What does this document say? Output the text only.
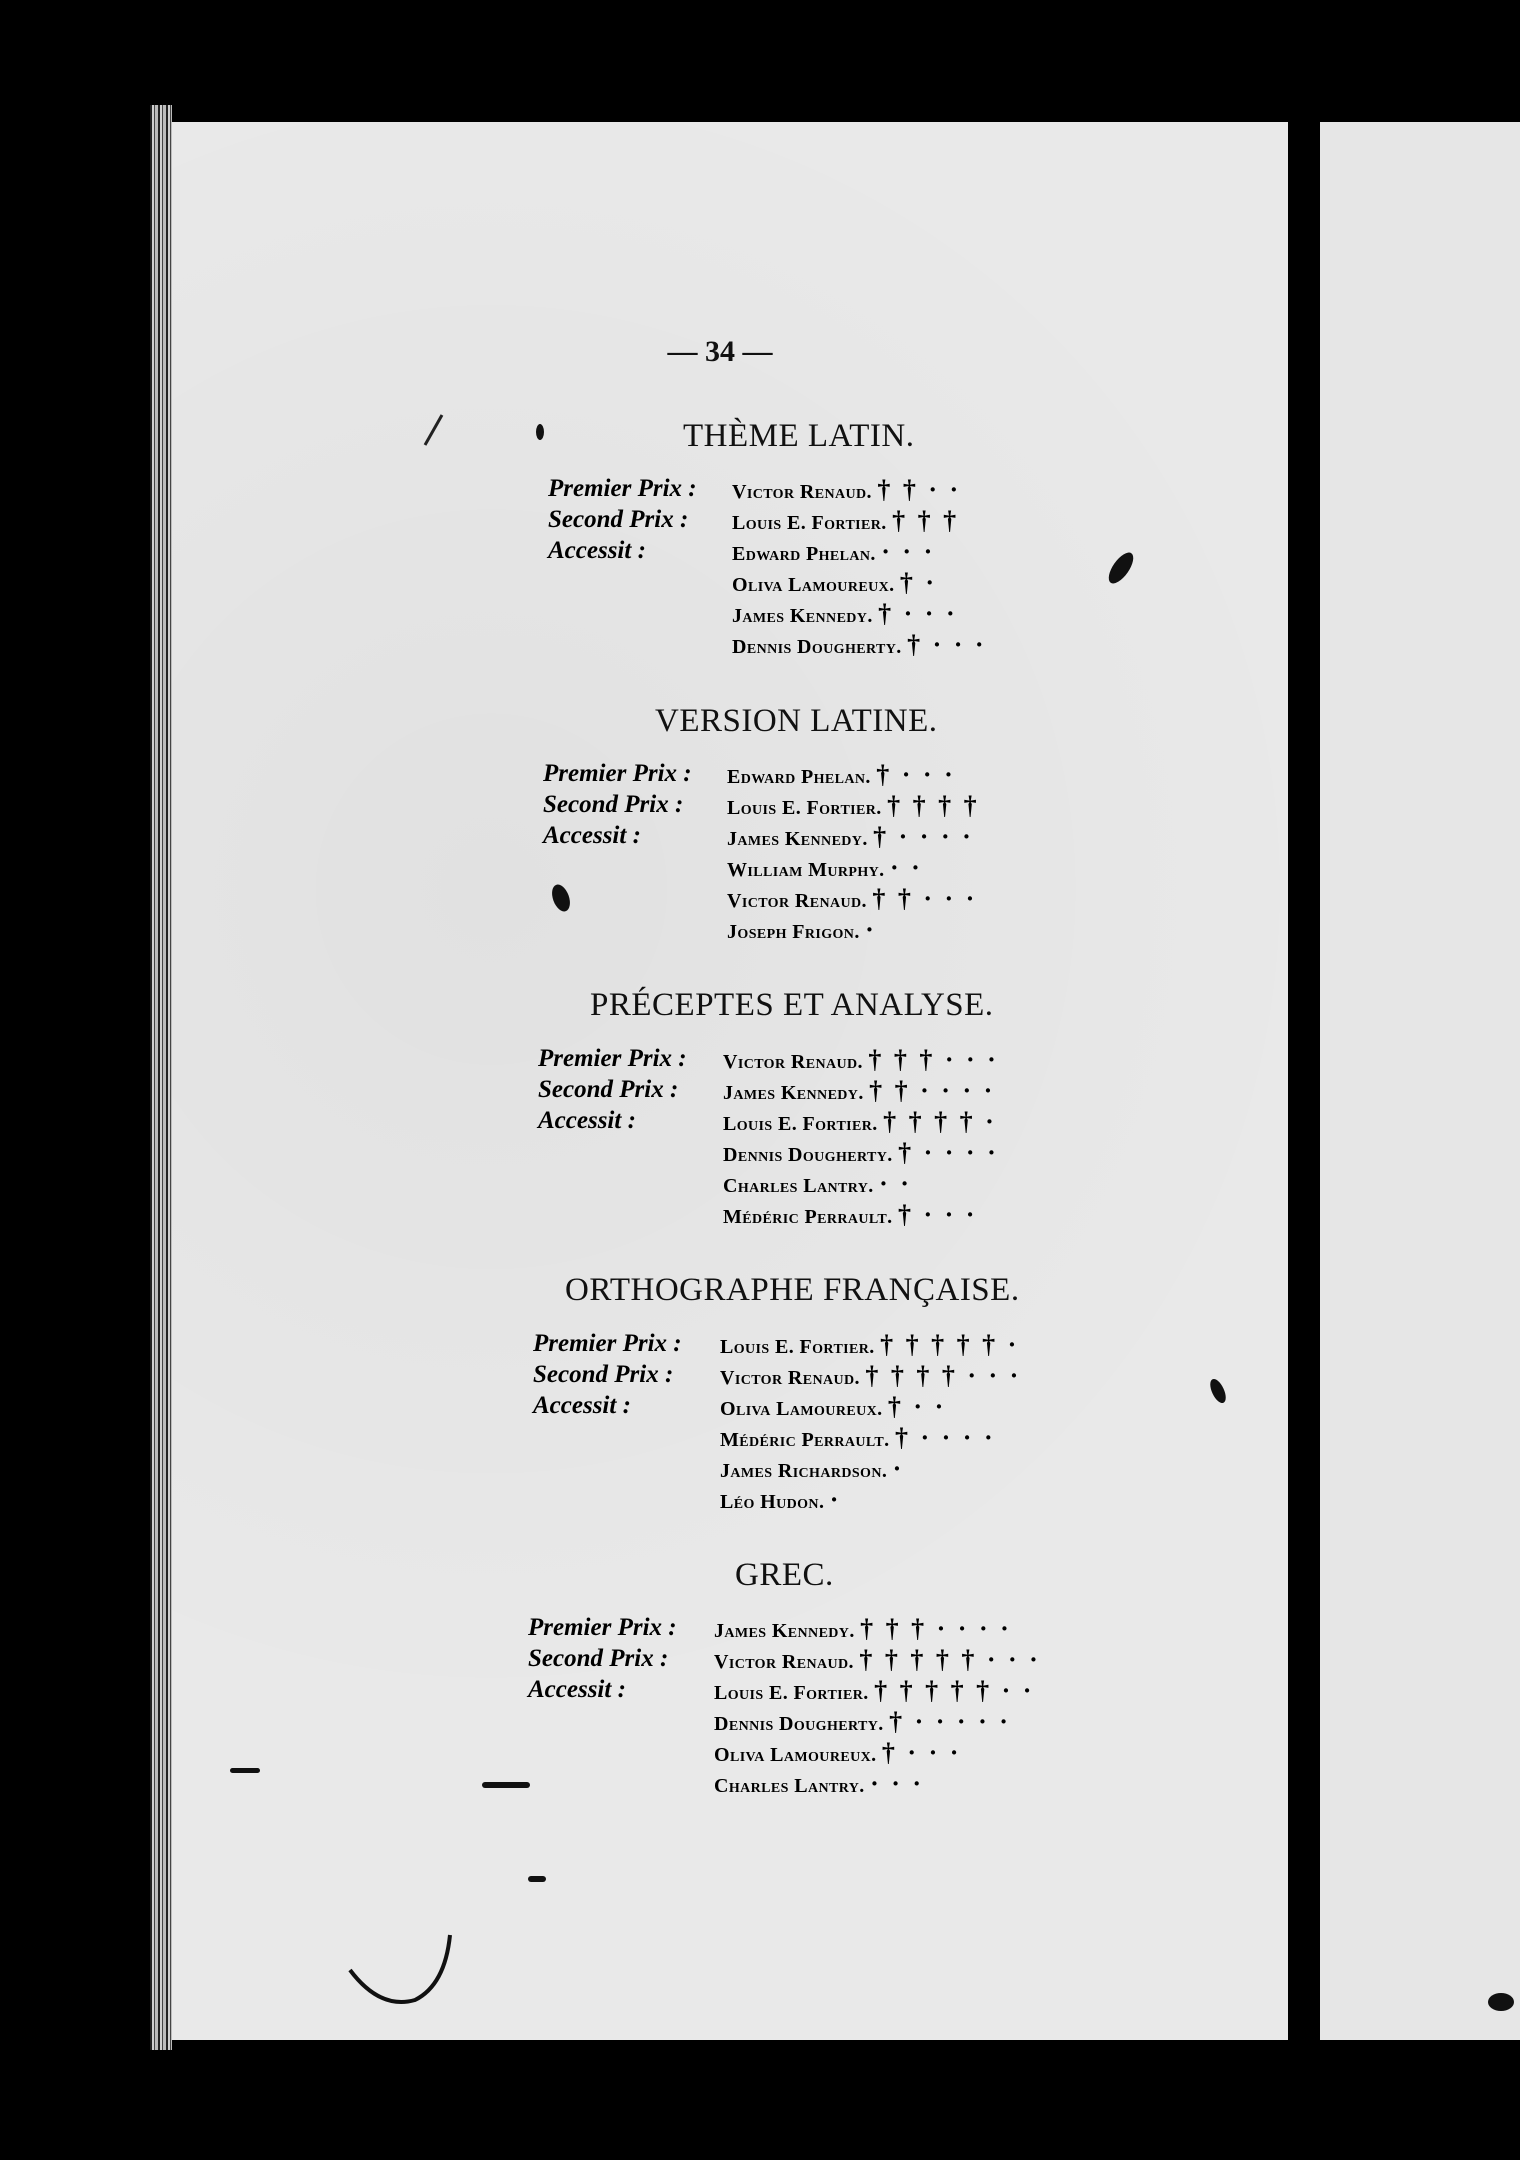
— 34 —
THÈME LATIN.
Premier Prix :
Second Prix :
Accessit :
Victor Renaud. † † · ·
Louis E. Fortier. † † †
Edward Phelan. · · ·
Oliva Lamoureux. † ·
James Kennedy. † · · ·
Dennis Dougherty. † · · ·
VERSION LATINE.
Premier Prix :
Second Prix :
Accessit :
Edward Phelan. † · · ·
Louis E. Fortier. † † † †
James Kennedy. † · · · ·
William Murphy. · ·
Victor Renaud. † † · · ·
Joseph Frigon. ·
PRÉCEPTES ET ANALYSE.
Premier Prix :
Second Prix :
Accessit :
Victor Renaud. † † † · · ·
James Kennedy. † † · · · ·
Louis E. Fortier. † † † † ·
Dennis Dougherty. † · · · ·
Charles Lantry. · ·
Médéric Perrault. † · · ·
ORTHOGRAPHE FRANÇAISE.
Premier Prix :
Second Prix :
Accessit :
Louis E. Fortier. † † † † † ·
Victor Renaud. † † † † · · ·
Oliva Lamoureux. † · ·
Médéric Perrault. † · · · ·
James Richardson. ·
Léo Hudon. ·
GREC.
Premier Prix :
Second Prix :
Accessit :
James Kennedy. † † † · · · ·
Victor Renaud. † † † † † · · ·
Louis E. Fortier. † † † † † · ·
Dennis Dougherty. † · · · · ·
Oliva Lamoureux. † · · ·
Charles Lantry. · · ·
